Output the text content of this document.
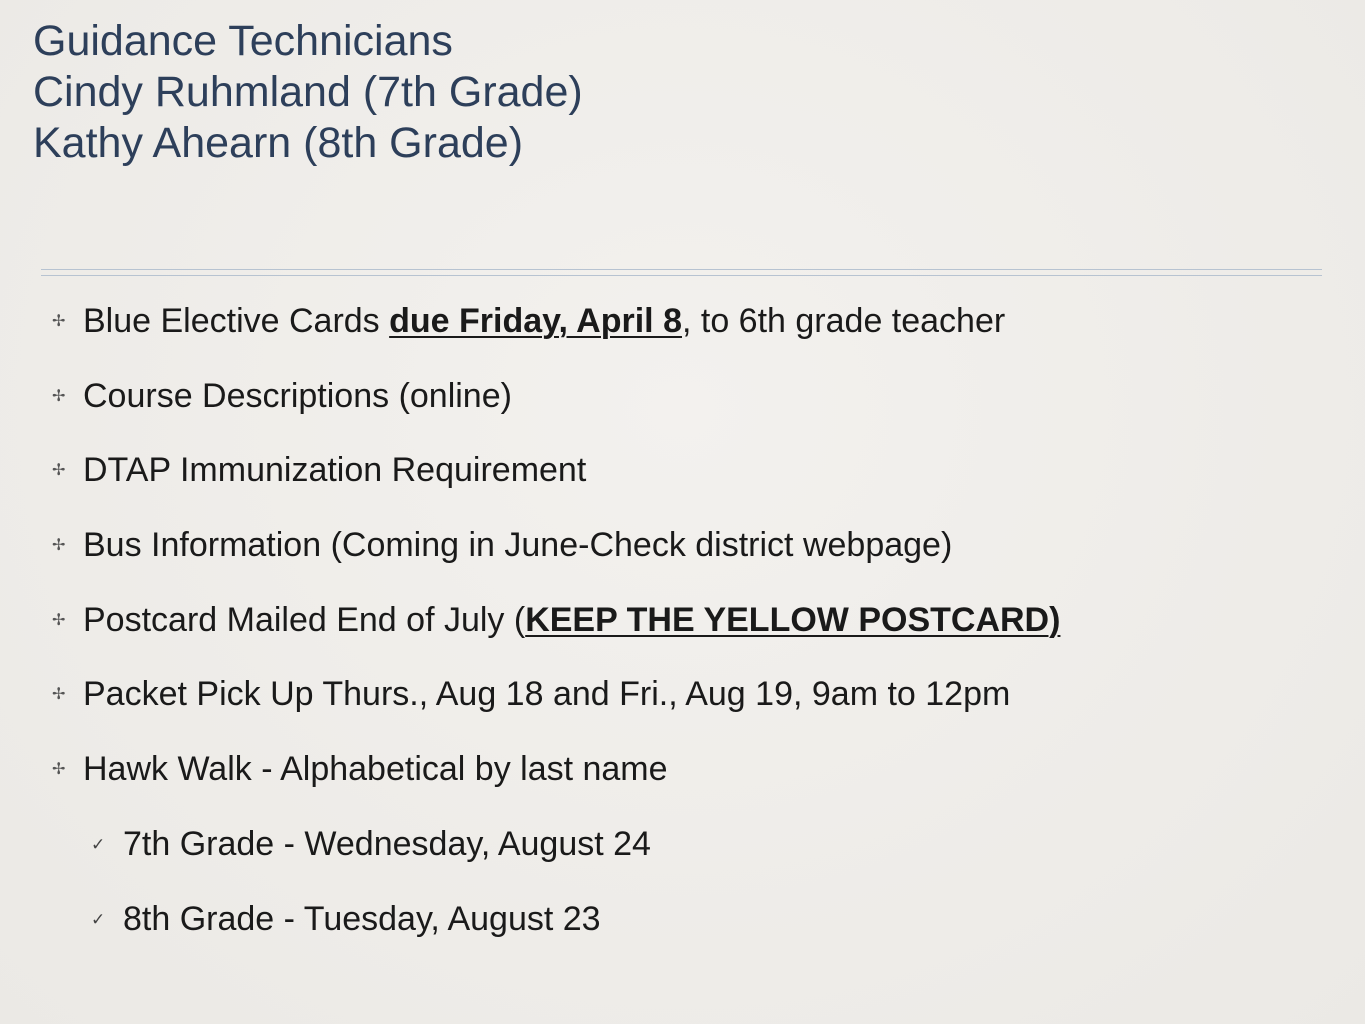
Guidance Technicians
Cindy Ruhmland (7th Grade)
Kathy Ahearn (8th Grade)
✢ Blue Elective Cards due Friday, April 8, to 6th grade teacher
✢ Course Descriptions (online)
✢ DTAP Immunization Requirement
✢ Bus Information (Coming in June-Check district webpage)
✢ Postcard Mailed End of July (KEEP THE YELLOW POSTCARD)
✢ Packet Pick Up Thurs., Aug 18 and Fri., Aug 19, 9am to 12pm
✢ Hawk Walk - Alphabetical by last name
✓ 7th Grade - Wednesday, August 24
✓ 8th Grade - Tuesday, August 23
